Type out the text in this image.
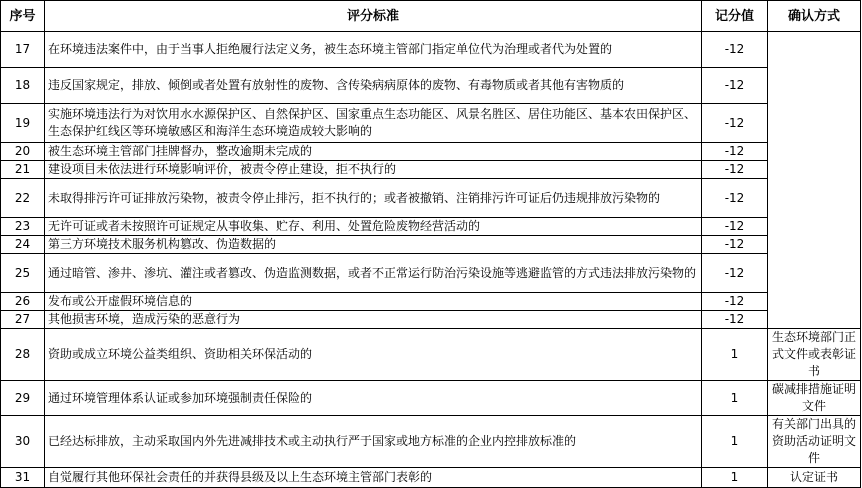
序号	评分标准	记分值	确认方式
17	在环境违法案件中，由于当事人拒绝履行法定义务，被生态环境主管部门指定单位代为治理或者代为处置的	-12	
18	违反国家规定，排放、倾倒或者处置有放射性的废物、含传染病病原体的废物、有毒物质或者其他有害物质的	-12	
19	实施环境违法行为对饮用水水源保护区、自然保护区、国家重点生态功能区、风景名胜区、居住功能区、基本农田保护区、生态保护红线区等环境敏感区和海洋生态环境造成较大影响的	-12	
20	被生态环境主管部门挂牌督办，整改逾期未完成的	-12	
21	建设项目未依法进行环境影响评价，被责令停止建设，拒不执行的	-12	
22	未取得排污许可证排放污染物，被责令停止排污，拒不执行的；或者被撤销、注销排污许可证后仍违规排放污染物的	-12	
23	无许可证或者未按照许可证规定从事收集、贮存、利用、处置危险废物经营活动的	-12	
24	第三方环境技术服务机构篡改、伪造数据的	-12	
25	通过暗管、渗井、渗坑、灌注或者篡改、伪造监测数据，或者不正常运行防治污染设施等逃避监管的方式违法排放污染物的	-12	
26	发布或公开虚假环境信息的	-12	
27	其他损害环境，造成污染的恶意行为	-12	
28	资助或成立环境公益类组织、资助相关环保活动的	1	生态环境部门正式文件或表彰证书
29	通过环境管理体系认证或参加环境强制责任保险的	1	碳减排措施证明文件
30	已经达标排放，主动采取国内外先进减排技术或主动执行严于国家或地方标准的企业内控排放标准的	1	有关部门出具的资助活动证明文件
31	自觉履行其他环保社会责任的并获得县级及以上生态环境主管部门表彰的	1	认定证书
